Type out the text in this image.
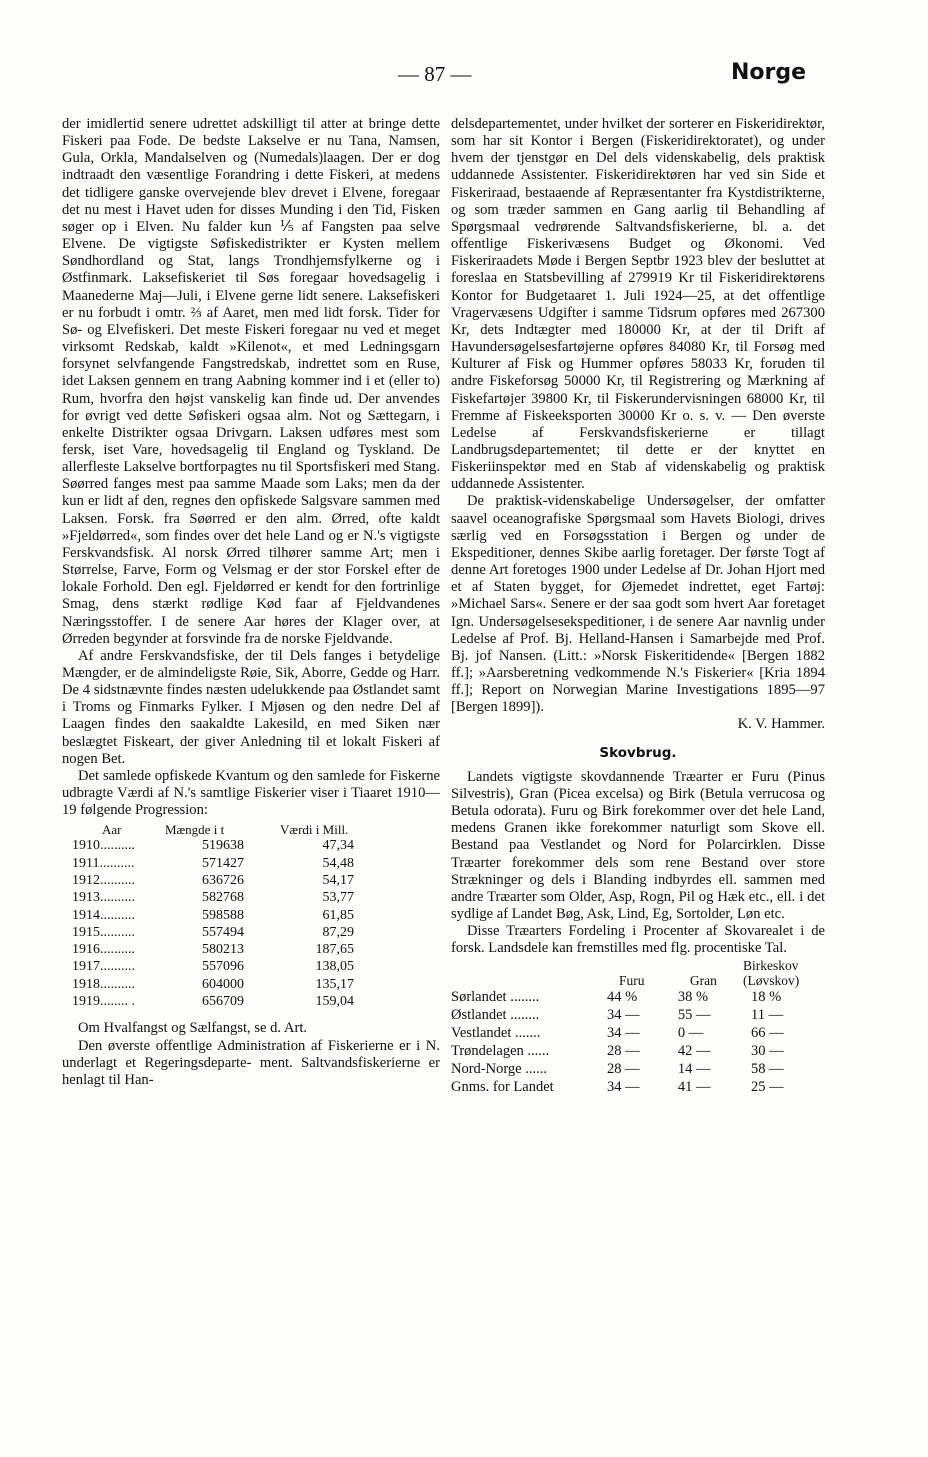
— 87 —	Norge

der imidlertid senere udrettet adskilligt til atter at bringe dette Fiskeri paa Fode. De bedste Lakselve er nu Tana, Namsen, Gula, Orkla, Mandalselven og (Numedals)laagen. Der er dog indtraadt den væsentlige Forandring i dette Fiskeri, at medens det tidligere ganske overvejende blev drevet i Elvene, foregaar det nu mest i Havet uden for disses Munding i den Tid, Fisken søger op i Elven. Nu falder kun ⅕ af Fangsten paa selve Elvene. De vigtigste Søfiskedistrikter er Kysten mellem Søndhordland og Stat, langs Trondhjemsfylkerne og i Østfinmark. Laksefiskeriet til Søs foregaar hovedsagelig i Maanederne Maj—Juli, i Elvene gerne lidt senere. Laksefiskeri er nu forbudt i omtr. ⅔ af Aaret, men med lidt forsk. Tider for Sø- og Elvefiskeri. Det meste Fiskeri foregaar nu ved et meget virksomt Redskab, kaldt »Kilenot«, et med Ledningsgarn forsynet selvfangende Fangstredskab, indrettet som en Ruse, idet Laksen gennem en trang Aabning kommer ind i et (eller to) Rum, hvorfra den højst vanskelig kan finde ud. Der anvendes for øvrigt ved dette Søfiskeri ogsaa alm. Not og Sættegarn, i enkelte Distrikter ogsaa Drivgarn. Laksen udføres mest som fersk, iset Vare, hovedsagelig til England og Tyskland. De allerfleste Lakselve bortforpagtes nu til Sportsfiskeri med Stang. Søørred fanges mest paa samme Maade som Laks; men da der kun er lidt af den, regnes den opfiskede Salgsvare sammen med Laksen. Forsk. fra Søørred er den alm. Ørred, ofte kaldt »Fjeldørred«, som findes over det hele Land og er N.'s vigtigste Ferskvandsfisk. Al norsk Ørred tilhører samme Art; men i Størrelse, Farve, Form og Velsmag er der stor Forskel efter de lokale Forhold. Den egl. Fjeldørred er kendt for den fortrinlige Smag, dens stærkt rødlige Kød faar af Fjeldvandenes Næringsstoffer. I de senere Aar høres der Klager over, at Ørreden begynder at forsvinde fra de norske Fjeldvande.

Af andre Ferskvandsfiske, der til Dels fanges i betydelige Mængder, er de almindeligste Røie, Sik, Aborre, Gedde og Harr. De 4 sidstnævnte findes næsten udelukkende paa Østlandet samt i Troms og Finmarks Fylker. I Mjøsen og den nedre Del af Laagen findes den saakaldte Lakesild, en med Siken nær beslægtet Fiskeart, der giver Anledning til et lokalt Fiskeri af nogen Bet.

Det samlede opfiskede Kvantum og den samlede for Fiskerne udbragte Værdi af N.'s samtlige Fiskerier viser i Tiaaret 1910—19 følgende Progression:

Aar	Mængde i t	Værdi i Mill.
1910..........	519638	47,34
1911..........	571427	54,48
1912..........	636726	54,17
1913..........	582768	53,77
1914..........	598588	61,85
1915..........	557494	87,29
1916..........	580213	187,65
1917..........	557096	138,05
1918..........	604000	135,17
1919........ .	656709	159,04

Om Hvalfangst og Sælfangst, se d. Art.

Den øverste offentlige Administration af Fiskerierne er i N. underlagt et Regeringsdeparte- ment. Saltvandsfiskerierne er henlagt til Han-

delsdepartementet, under hvilket der sorterer en Fiskeridirektør, som har sit Kontor i Bergen (Fiskeridirektoratet), og under hvem der tjenstgør en Del dels videnskabelig, dels praktisk uddannede Assistenter. Fiskeridirektøren har ved sin Side et Fiskeriraad, bestaaende af Repræsentanter fra Kystdistrikterne, og som træder sammen en Gang aarlig til Behandling af Spørgsmaal vedrørende Saltvandsfiskerierne, bl. a. det offentlige Fiskerivæsens Budget og Økonomi. Ved Fiskeriraadets Møde i Bergen Septbr 1923 blev der besluttet at foreslaa en Statsbevilling af 279919 Kr til Fiskeridirektørens Kontor for Budgetaaret 1. Juli 1924—25, at det offentlige Vragervæsens Udgifter i samme Tidsrum opføres med 267300 Kr, dets Indtægter med 180000 Kr, at der til Drift af Havundersøgelsesfartøjerne opføres 84080 Kr, til Forsøg med Kulturer af Fisk og Hummer opføres 58033 Kr, foruden til andre Fiskeforsøg 50000 Kr, til Registrering og Mærkning af Fiskefartøjer 39800 Kr, til Fiskerundervisningen 68000 Kr, til Fremme af Fiskeeksporten 30000 Kr o. s. v. — Den øverste Ledelse af Ferskvandsfiskerierne er tillagt Landbrugsdepartementet; til dette er der knyttet en Fiskeriinspektør med en Stab af videnskabelig og praktisk uddannede Assistenter.

De praktisk-videnskabelige Undersøgelser, der omfatter saavel oceanografiske Spørgsmaal som Havets Biologi, drives særlig ved en Forsøgsstation i Bergen og under de Ekspeditioner, dennes Skibe aarlig foretager. Der første Togt af denne Art foretoges 1900 under Ledelse af Dr. Johan Hjort med et af Staten bygget, for Øjemedet indrettet, eget Fartøj: »Michael Sars«. Senere er der saa godt som hvert Aar foretaget Ign. Undersøgelsesekspeditioner, i de senere Aar navnlig under Ledelse af Prof. Bj. Helland-Hansen i Samarbejde med Prof. Bj. jof Nansen. (Litt.: »Norsk Fiskeritidende« [Bergen 1882 ff.]; »Aarsberetning vedkommende N.'s Fiskerier« [Kria 1894 ff.]; Report on Norwegian Marine Investigations 1895—97 [Bergen 1899]).

K. V. Hammer.
Skovbrug.

Landets vigtigste skovdannende Træarter er Furu (Pinus Silvestris), Gran (Picea excelsa) og Birk (Betula verrucosa og Betula odorata). Furu og Birk forekommer over det hele Land, medens Granen ikke forekommer naturligt som Skove ell. Bestand paa Vestlandet og Nord for Polarcirklen. Disse Træarter forekommer dels som rene Bestand over store Strækninger og dels i Blanding indbyrdes ell. sammen med andre Træarter som Older, Asp, Rogn, Pil og Hæk etc., ell. i det sydlige af Landet Bøg, Ask, Lind, Eg, Sortolder, Løn etc.

Disse Træarters Fordeling i Procenter af Skovarealet i de forsk. Landsdele kan fremstilles med flg. procentiske Tal.

	Furu	Gran	Birkeskov (Løvskov)
Sørlandet ........	44 %	38 %	18 %
Østlandet ........	34 —	55 —	11 —
Vestlandet .......	34 —	0 —	66 —
Trøndelagen ......	28 —	42 —	30 —
Nord-Norge ......	28 —	14 —	58 —
Gnms. for Landet	34 —	41 —	25 —
